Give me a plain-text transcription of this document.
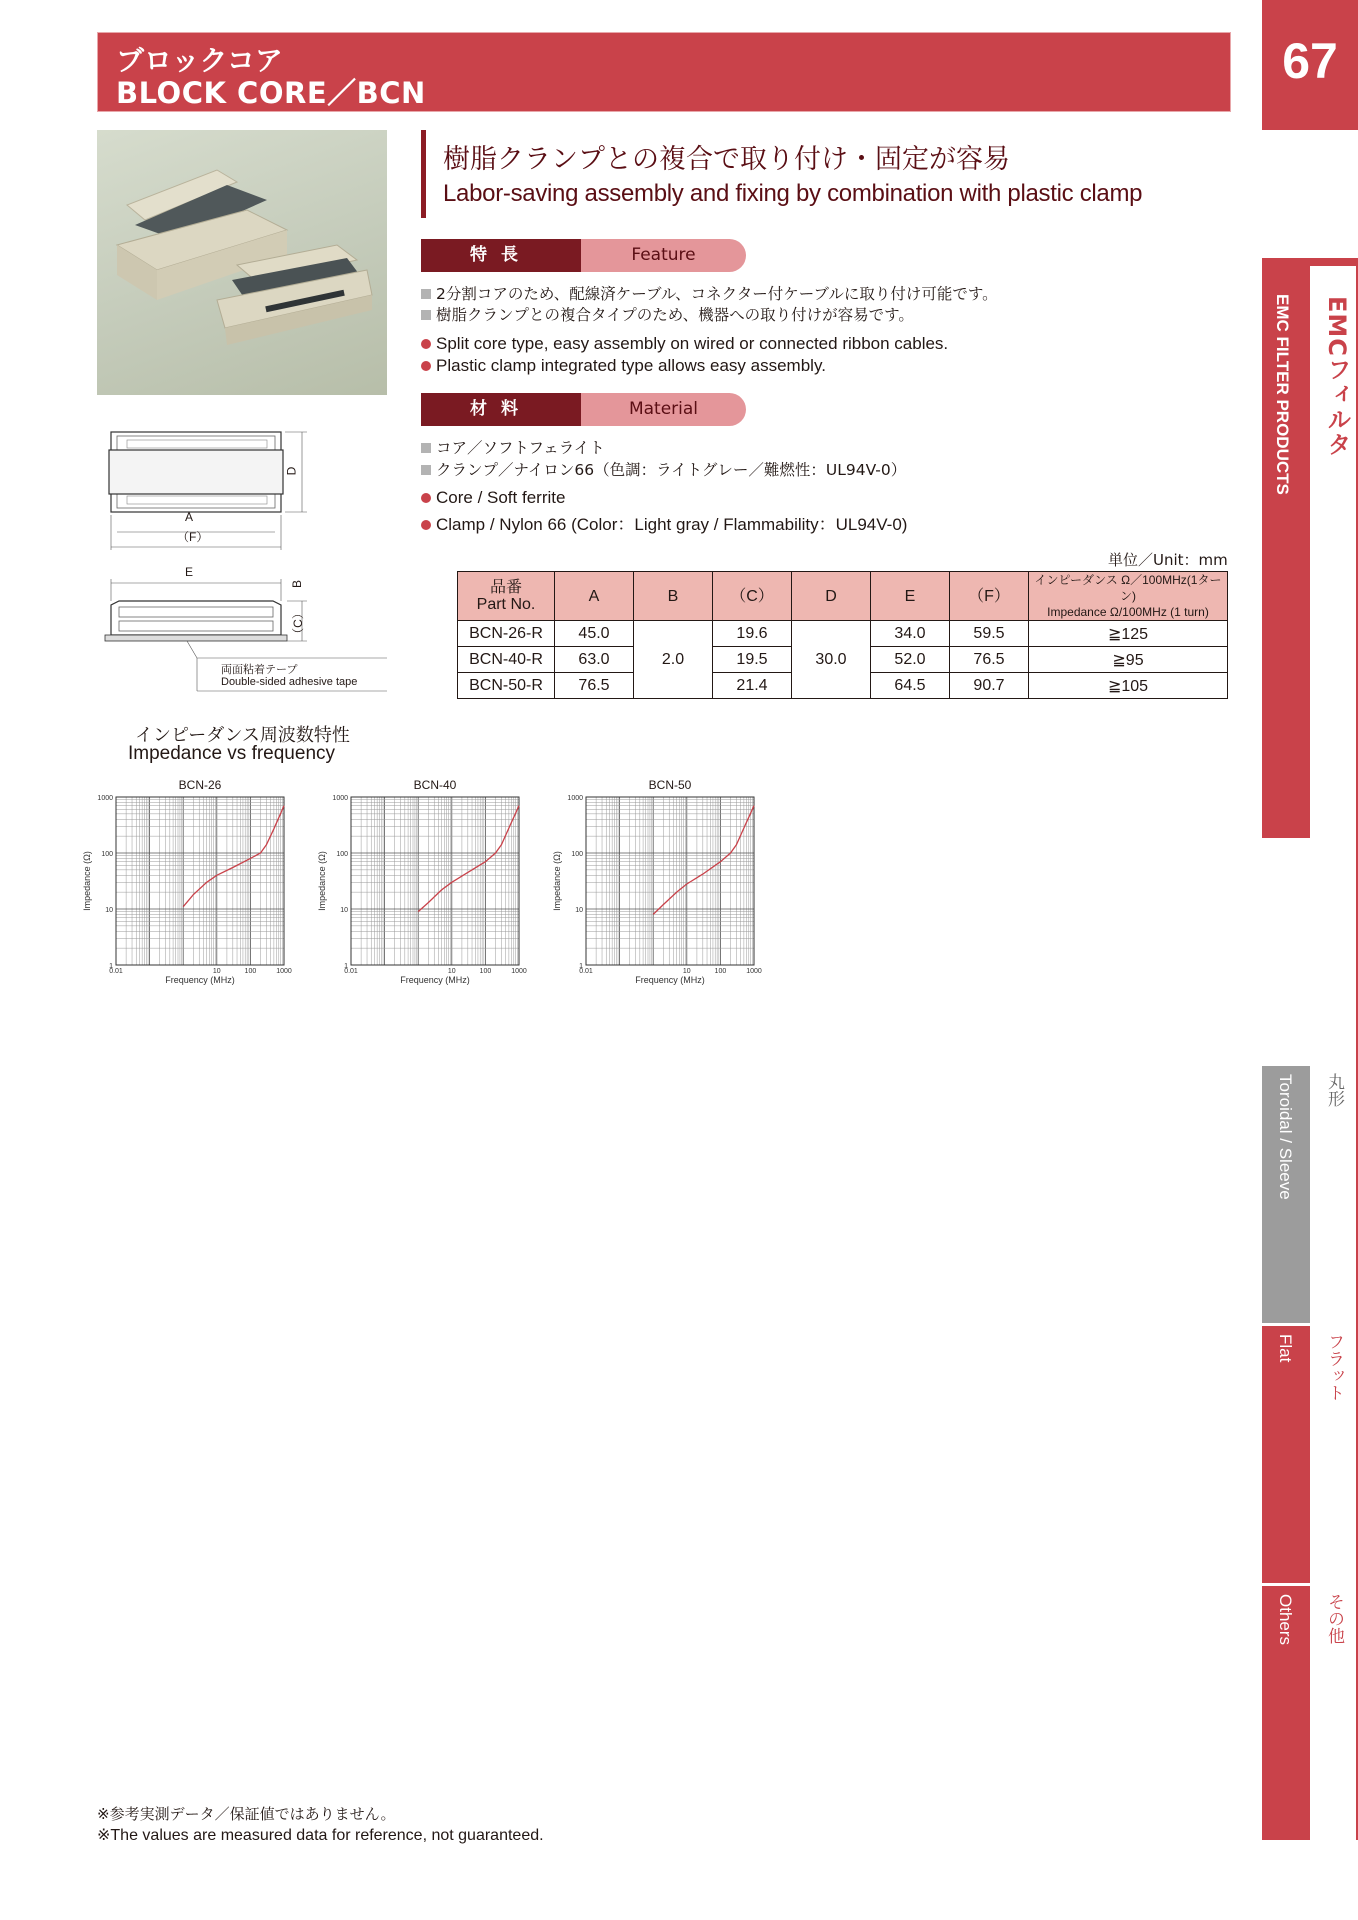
ブロックコア
BLOCK CORE／BCN
67
EMC FILTER PRODUCTS EMCフィルタ
Toroidal / Sleeve 丸形
Flat フラット
Others その他
樹脂クランプとの複合で取り付け・固定が容易
Labor-saving assembly and fixing by combination with plastic clamp
特長	Feature
2分割コアのため、配線済ケーブル、コネクター付ケーブルに取り付け可能です。
樹脂クランプとの複合タイプのため、機器への取り付けが容易です。
Split core type, easy assembly on wired or connected ribbon cables.
Plastic clamp integrated type allows easy assembly.
材料	Material
コア／ソフトフェライト
クランプ／ナイロン66（色調：ライトグレー／難燃性：UL94V-0）
Core / Soft ferrite
Clamp / Nylon 66 (Color：Light gray / Flammability：UL94V-0)
A
（F）
D
E
B
（C）
両面粘着テープ
Double-sided adhesive tape
単位／Unit：mm
品番
Part No.	A	B	（C）	D	E	（F）	インピーダンス Ω／100MHz(1ターン)
Impedance Ω/100MHz (1 turn)
BCN-26-R	45.0	2.0	19.6	30.0	34.0	59.5	≧125
BCN-40-R	63.0		19.5		52.0	76.5	≧95
BCN-50-R	76.5		21.4		64.5	90.7	≧105
インピーダンス周波数特性
Impedance vs frequency
BCN-26
1
10
100
1000
0.01	10	100	1000
Frequency (MHz)
Impedance (Ω)
BCN-40
1
10
100
1000
0.01	10	100	1000
Frequency (MHz)
Impedance (Ω)
BCN-50
1
10
100
1000
0.01	10	100	1000
Frequency (MHz)
Impedance (Ω)
※参考実測データ／保証値ではありません。
※The values are measured data for reference, not guaranteed.
